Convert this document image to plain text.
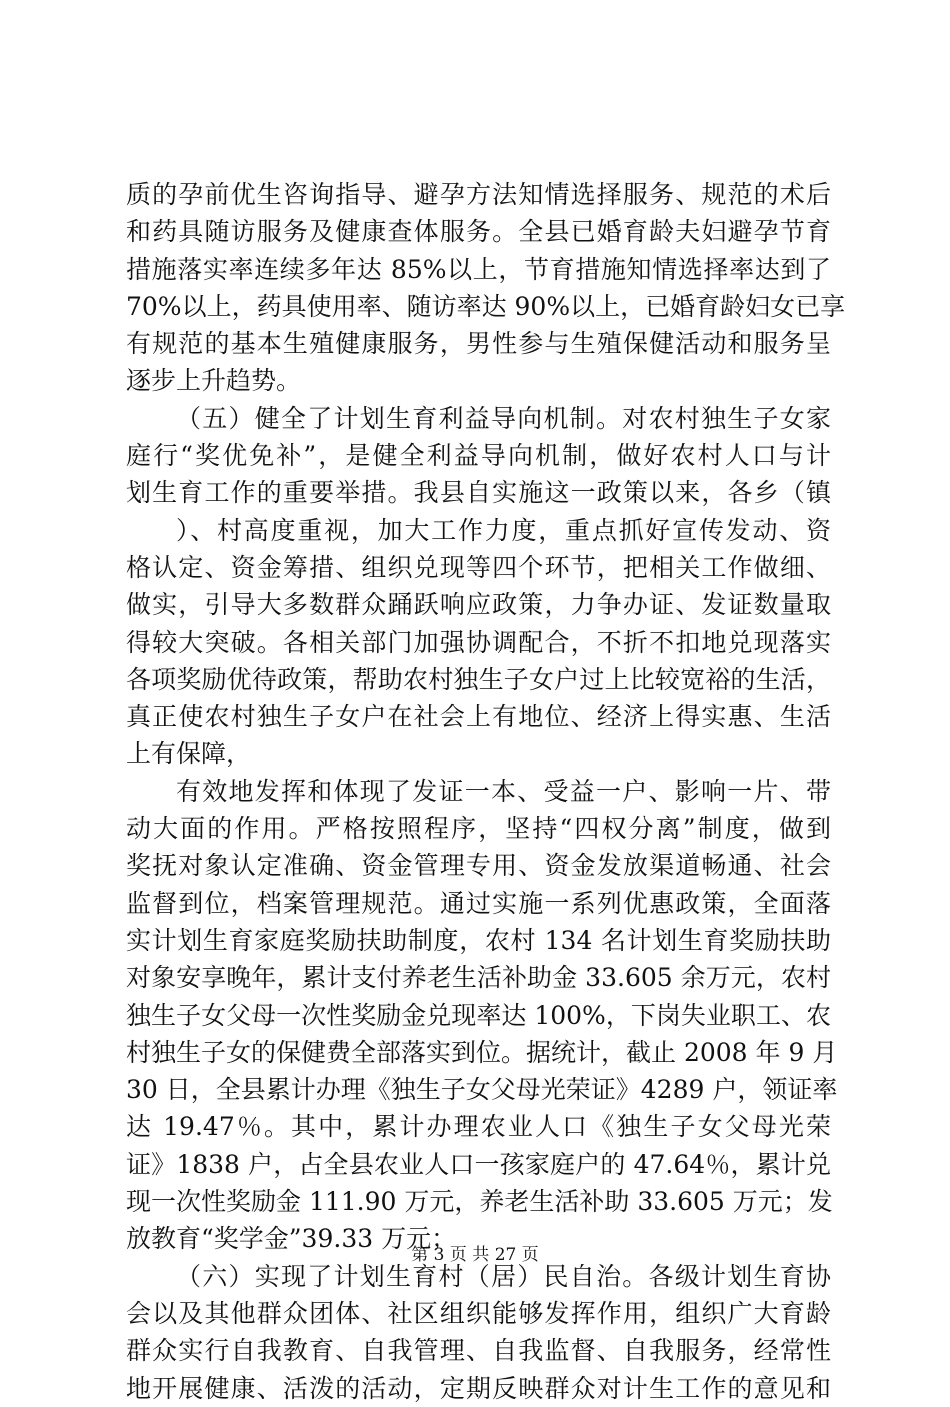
质的孕前优生咨询指导、避孕方法知情选择服务、规范的术后
和药具随访服务及健康查体服务。全县已婚育龄夫妇避孕节育
措施落实率连续多年达 85%以上，节育措施知情选择率达到了
70%以上，药具使用率、随访率达 90%以上，已婚育龄妇女已享
有规范的基本生殖健康服务，男性参与生殖保健活动和服务呈
逐步上升趋势。
（五）健全了计划生育利益导向机制。对农村独生子女家
庭行“奖优免补”，是健全利益导向机制，做好农村人口与计
划生育工作的重要举措。我县自实施这一政策以来，各乡（镇
）、村高度重视，加大工作力度，重点抓好宣传发动、资
格认定、资金筹措、组织兑现等四个环节，把相关工作做细、
做实，引导大多数群众踊跃响应政策，力争办证、发证数量取
得较大突破。各相关部门加强协调配合，不折不扣地兑现落实
各项奖励优待政策，帮助农村独生子女户过上比较宽裕的生活，
真正使农村独生子女户在社会上有地位、经济上得实惠、生活
上有保障，
有效地发挥和体现了发证一本、受益一户、影响一片、带
动大面的作用。严格按照程序，坚持“四权分离”制度，做到
奖抚对象认定准确、资金管理专用、资金发放渠道畅通、社会
监督到位，档案管理规范。通过实施一系列优惠政策，全面落
实计划生育家庭奖励扶助制度，农村 134 名计划生育奖励扶助
对象安享晚年，累计支付养老生活补助金 33.605 余万元，农村
独生子女父母一次性奖励金兑现率达 100%，下岗失业职工、农
村独生子女的保健费全部落实到位。据统计，截止 2008 年 9 月
30 日，全县累计办理《独生子女父母光荣证》4289 户，领证率
达 19.47％。其中，累计办理农业人口《独生子女父母光荣
证》1838 户，占全县农业人口一孩家庭户的 47.64％，累计兑
现一次性奖励金 111.90 万元，养老生活补助 33.605 万元；发
放教育“奖学金”39.33 万元；
（六）实现了计划生育村（居）民自治。各级计划生育协
会以及其他群众团体、社区组织能够发挥作用，组织广大育龄
群众实行自我教育、自我管理、自我监督、自我服务，经常性
地开展健康、活泼的活动，定期反映群众对计生工作的意见和
第 3 页 共 27 页
